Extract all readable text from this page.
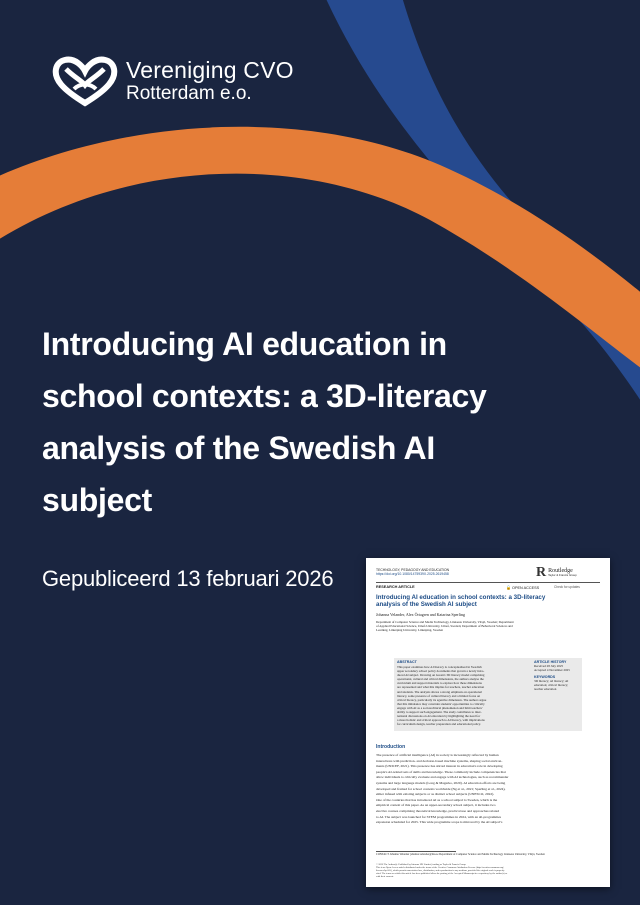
Vereniging CVO
Rotterdam e.o.
Introducing AI education in
school contexts: a 3D-literacy
analysis of the Swedish AI
subject
Gepubliceerd 13 februari 2026	TECHNOLOGY, PEDAGOGY AND EDUCATION
https://doi.org/10.1080/1475939X.2025.2619458	R Routledge
Taylor & Francis Group
RESEARCH ARTICLE	🔓 OPEN ACCESS	Check for updates
Introducing AI education in school contexts: a 3D-literacy
analysis of the Swedish AI subject
Johanna Velander, Alex Örtagren and Katarina Sperling
Department of Computer Science and Media Technology, Linnaeus University, Växjö, Sweden; Department
of Applied Educational Science, Umeå University, Umeå, Sweden; Department of Behavioral Sciences and
Learning, Linköping University, Linköping, Sweden
ABSTRACT
This paper examines how AI literacy is conceptualised in Swedish
upper secondary school policy documents that govern a newly intro-
duced AI subject. Drawing on Green's 3D literacy model comprising
operational, cultural and critical dimensions, the authors analyse the
curriculum and support materials to explore how these dimensions
are represented and what this implies for teachers, teacher education
and students. The analysis shows a strong emphasis on operational
literacy, some presence of cultural literacy and a limited focus on
critical literacy, particularly its agentive dimension. The authors argue
that this imbalance may constrain students' opportunities to critically
engage with AI as a sociotechnical phenomenon and limit teachers'
ability to support such engagement. The study contributes to inter-
national discussions on AI education by highlighting the need for
a more holistic and critical approach to AI literacy, with implications
for curriculum design, teacher preparation and educational policy.
ARTICLE HISTORY
Received 28 July 2025
Accepted 4 November 2025
KEYWORDS
3D literacy; AI literacy; AI
education; critical literacy;
teacher education
Introduction
The presence of artificial intelligence (AI) in society is increasingly reflected by human
interactions with prediction- and decision-based machine systems, shaping social environ-
ments (UNICEF, 2021). This presence has stirred interest in education's role in developing
people's AI-related sets of skills and knowledge. These commonly include competencies that
allow individuals to critically evaluate and engage with AI technologies, such as recommender
systems and large language models (Long & Magerko, 2020). AI education efforts are being
developed and framed for school contexts worldwide (Ng et al., 2021; Sperling et al., 2024),
either infused with existing subjects or as distinct school subjects (UNESCO, 2022).
One of the countries that has introduced AI as a school subject is Sweden, which is the
empirical context of this paper. As an upper-secondary school subject, it includes two
elective courses comprising theoretical knowledge, practical use and approaches related
to AI. The subject was launched for STEM programmes in 2024, with an all-programmes
expansion scheduled for 2025. This wide programme scope is mirrored by the AI subject's
CONTACT Johanna Velander johanna.velander@lnu.se Department of Computer Science and Media Technology Linnaeus University, Växjö, Sweden
© 2026 The Author(s). Published by Informa UK Limited, trading as Taylor & Francis Group.
This is an Open Access article distributed under the terms of the Creative Commons Attribution License (http://creativecommons.org/
licenses/by/4.0/), which permits unrestricted use, distribution, and reproduction in any medium, provided the original work is properly
cited. The terms on which this article has been published allow the posting of the Accepted Manuscript in a repository by the author(s) or
with their consent.
